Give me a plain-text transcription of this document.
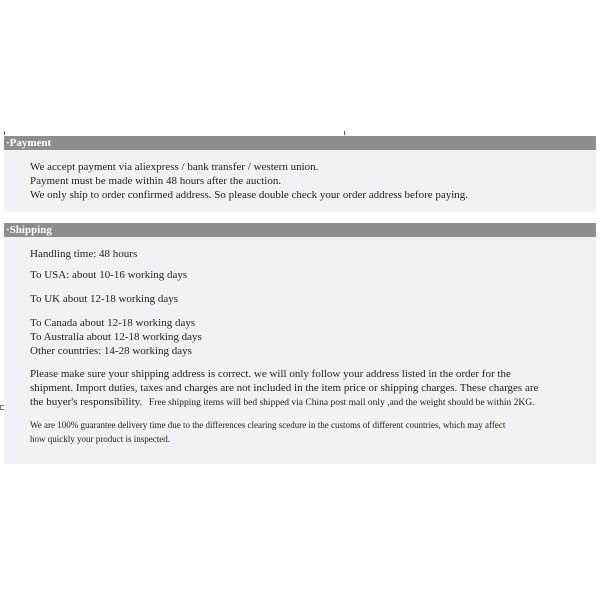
·Payment
We accept payment via aliexpress / bank transfer / western union.
Payment must be made within 48 hours after the auction.
We only ship to order confirmed address. So please double check your order address before paying.
·Shipping
Handling time: 48 hours
To USA: about 10-16 working days
To UK about 12-18 working days
To Canada about 12-18 working days
To Australia about 12-18 working days
Other countries: 14-28 working days
Please make sure your shipping address is correct. we will only follow your address listed in the order for the
shipment. Import duties, taxes and charges are not included in the item price or shipping charges. These charges are
the buyer's responsibility. Free shipping items will bed shipped via China post mail only ,and the weight should be within 2KG.
We are 100% guarantee delivery time due to the differences clearing scedure in the customs of different countries, which may affect
how quickly your product is inspected.
